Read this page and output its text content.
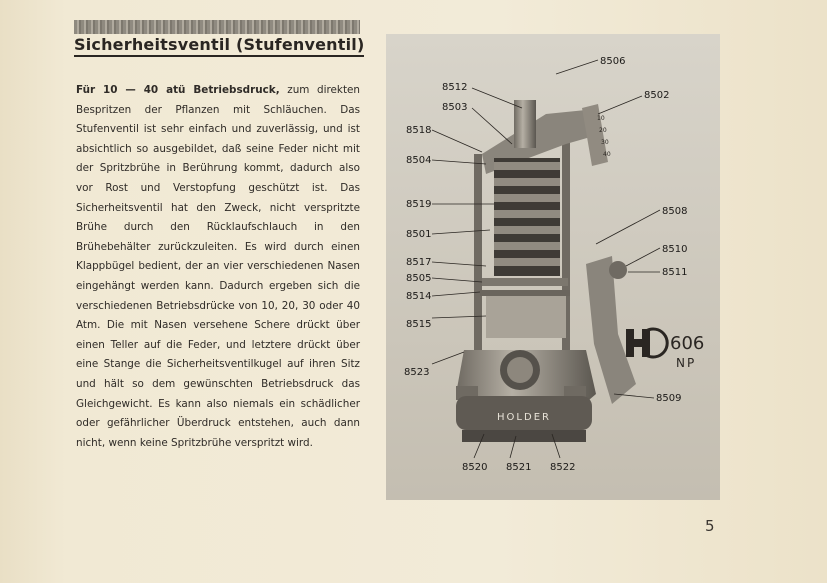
Sicherheitsventil (Stufenventil)

Für 10 — 40 atü Betriebsdruck, zum direkten Bespritzen der Pflanzen mit Schläuchen. Das Stufenventil ist sehr einfach und zuverlässig, und ist absichtlich so ausgebildet, daß seine Feder nicht mit der Spritzbrühe in Berührung kommt, dadurch also vor Rost und Verstopfung geschützt ist. Das Sicherheitsventil hat den Zweck, nicht verspritzte Brühe durch den Rücklaufschlauch in den Brühebehälter zurückzuleiten. Es wird durch einen Klappbügel bedient, der an vier verschiedenen Nasen eingehängt werden kann. Dadurch ergeben sich die verschiedenen Betriebsdrücke von 10, 20, 30 oder 40 Atm. Die mit Nasen versehene Schere drückt über einen Teller auf die Feder, und letztere drückt über eine Stange die Sicherheitsventilkugel auf ihren Sitz und hält so dem gewünschten Betriebsdruck das Gleichgewicht. Es kann also niemals ein schädlicher oder gefährlicher Überdruck entstehen, auch dann nicht, wenn keine Spritzbrühe verspritzt wird.

HOLDER
10
20
30
40
8506
8512
8502
8503
8518
8504
8519
8508
8501
8510
8517
8511
8505
8514
8515
8523
8509
8520 8521 8522
606
NP
5
